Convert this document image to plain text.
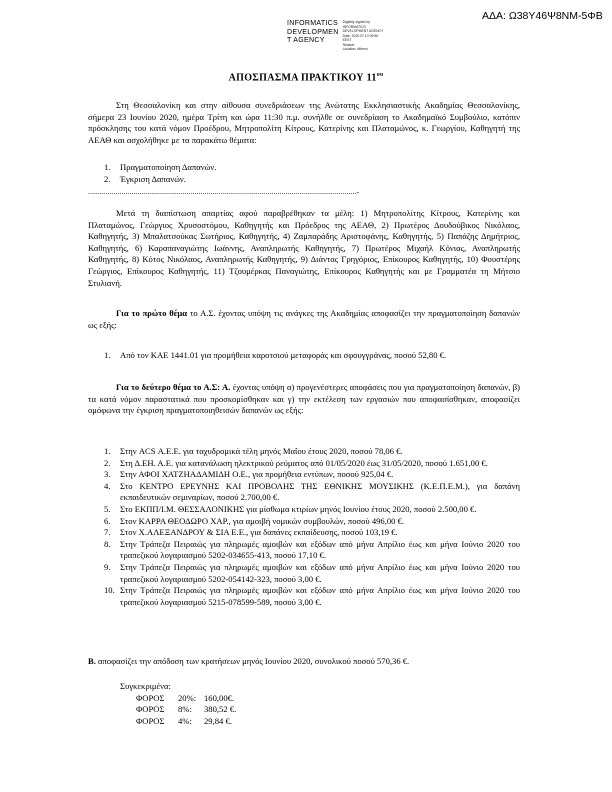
ΑΔΑ: Ω38Υ46Ψ8ΝΜ-5ΦΒ
INFORMATICS
DEVELOPMEN
T AGENCY
Digitally signed by
INFORMATICS
DEVELOPMENT AGENCY
Date: 2020.07.13 09:56
EEST
Reason:
Location: Athens
ΑΠΟΣΠΑΣΜΑ ΠΡΑΚΤΙΚΟΥ $11^{o\upsilon}$
Στη Θεσσαλονίκη και στην αίθουσα συνεδριάσεων της Ανώτατης Εκκλησιαστικής Ακαδημίας Θεσσαλονίκης, σήμερα 23 Ιουνίου 2020, ημέρα Τρίτη και ώρα 11:30 π.μ. συνήλθε σε συνεδρίαση το Ακαδημαϊκό Συμβούλιο, κατόπιν πρόσκλησης του κατά νόμον Προέδρου, Μητροπολίτη Κίτρους, Κατερίνης και Πλαταμώνος, κ. Γεωργίου, Καθηγητή της ΑΕΑΘ και ασχολήθηκε με τα παρακάτω θέματα:
1.	Πραγματοποίηση Δαπανών.
2.	Έγκριση Δαπανών.
........................................................................................................................................-
Μετά τη διαπίστωση απαρτίας αφού παραβρέθηκαν τα μέλη: 1) Μητροπολίτης Κίτρους, Κατερίνης και Πλαταμώνος, Γεώργιος Χρυσοστόμου, Καθηγητής και Πρόεδρος της ΑΕΑΘ, 2) Πρωτέρος Δουδούβικος Νικόλαος, Καθηγητής, 3) Μπαλατσούκας Σωτήριος, Καθηγητής, 4) Ζαμπαράδης Αριστοφάνης, Καθηγητής, 5) Παπάζης Δημήτριος, Καθηγητής, 6) Καραπαναγιώτης Ιωάννης, Αναπληρωτής Καθηγητής, 7) Πρωτέρος Μιχαήλ Κόνιας, Αναπληρωτής Καθηγητής, 8) Κότος Νικόλαος, Αναπληρωτής Καθηγητής, 9) Διάντας Γρηγόριος, Επίκουρος Καθηγητής, 10) Φουστέρης Γεώργιος, Επίκουρος Καθηγητής, 11) Τζουμέρκας Παναγιώτης, Επίκουρος Καθηγητής και με Γραμματέα τη Μήτσιο Στυλιανή.
Για το πρώτο θέμα το Α.Σ. έχοντας υπόψη τις ανάγκες της Ακαδημίας αποφασίζει την πραγματοποίηση δαπανών ως εξής:
1.	Από τον ΚΑΕ 1441.01 για προμήθεια καροτσιού μεταφοράς και σφουγγράνας, ποσού 52,80 €.
Για το δεύτερο θέμα το Α.Σ: Α. έχοντας υπόψη α) προγενέστερες αποφάσεις που για πραγματοποίηση δαπανών, β) τα κατά νόμον παραστατικά που προσκομίσθηκαν και γ) την εκτέλεση των εργασιών που αποφασίσθηκαν, αποφασίζει ομόφωνα την έγκριση πραγματοποιηθεισών δαπανών ως εξής:
1.	Στην ACS Α.Ε.Ε. για ταχυδρομικά τέλη μηνός Μαΐου έτους 2020, ποσού 78,06 €.
2.	Στη Δ.ΕΗ. Α.Ε. για κατανάλωση ηλεκτρικού ρεύματος από 01/05/2020 έως 31/05/2020, ποσού 1.651,00 €.
3.	Στην ΑΦΟΙ ΧΑΤΖΗΑΔΑΜΙΔΗ Ο.Ε., για προμήθεια εντύπων, ποσού 925,04 €.
4.	Στο ΚΕΝΤΡΟ ΕΡΕΥΝΗΣ ΚΑΙ ΠΡΟΒΟΛΗΣ ΤΗΣ ΕΘΝΙΚΗΣ ΜΟΥΣΙΚΗΣ (Κ.Ε.Π.Ε.Μ.), για δαπάνη εκπαιδευτικών σεμιναρίων, ποσού 2.700,00 €.
5.	Στο ΕΚΠΠ/Ι.Μ. ΘΕΣΣΑΛΟΝΙΚΗΣ για μίσθωμα κτιρίων μηνός Ιουνίου έτους 2020, ποσού 2.500,00 €.
6.	Στον ΚΑΡΡΑ ΘΕΟΔΩΡΟ ΧΑΡ., για αμοιβή νομικών συμβουλών, ποσού 496,00 €.
7.	Στον Χ.ΑΛΕΞΑΝΔΡΟΥ & ΣΙΑ Ε.Ε., για δαπάνες εκπαίδευσης, ποσού 103,19 €.
8.	Στην Τράπεζα Πειραιώς για πληρωμές αμοιβών και εξόδων από μήνα Απρίλιο έως και μήνα Ιούνιο 2020 του τραπεζικού λογαριασμού 5202-034655-413, ποσού 17,10 €.
9.	Στην Τράπεζα Πειραιώς για πληρωμές αμοιβών και εξόδων από μήνα Απρίλιο έως και μήνα Ιούνιο 2020 του τραπεζικού λογαριασμού 5202-054142-323, ποσού 3,00 €.
10. Στην Τράπεζα Πειραιώς για πληρωμές αμοιβών και εξόδων από μήνα Απρίλιο έως και μήνα Ιούνιο 2020 του τραπεζικού λογαριασμού 5215-078599-589, ποσού 3,00 €.
Β. αποφασίζει την απόδοση των κρατήσεων μηνός Ιουνίου 2020, συνολικού ποσού 570,36 €.
Συγκεκριμένα:
ΦΟΡΟΣ	20%: 160,00€.
ΦΟΡΟΣ	8%:	380,52 €.
ΦΟΡΟΣ	4%:	29,84 €.
